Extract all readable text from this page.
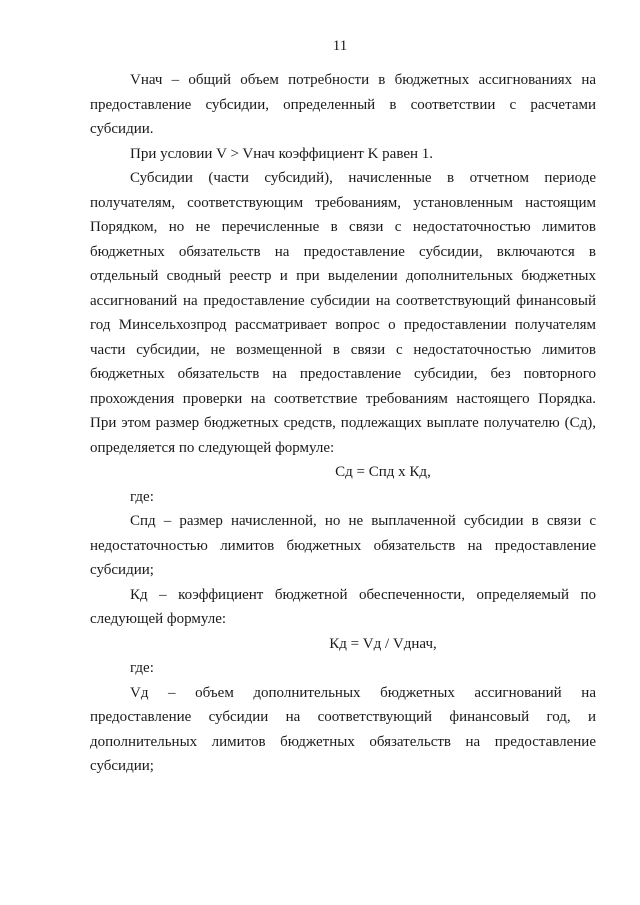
11

Vнач – общий объем потребности в бюджетных ассигнованиях на предоставление субсидии, определенный в соответствии с расчетами субсидии.

При условии V > Vнач коэффициент K равен 1.

Субсидии (части субсидий), начисленные в отчетном периоде получателям, соответствующим требованиям, установленным настоящим Порядком, но не перечисленные в связи с недостаточностью лимитов бюджетных обязательств на предоставление субсидии, включаются в отдельный сводный реестр и при выделении дополнительных бюджетных ассигнований на предоставление субсидии на соответствующий финансовый год Минсельхозпрод рассматривает вопрос о предоставлении получателям части субсидии, не возмещенной в связи с недостаточностью лимитов бюджетных обязательств на предоставление субсидии, без повторного прохождения проверки на соответствие требованиям настоящего Порядка. При этом размер бюджетных средств, подлежащих выплате получателю (Сд), определяется по следующей формуле:

Сд = Спд x Кд,

где:

Спд – размер начисленной, но не выплаченной субсидии в связи с недостаточностью лимитов бюджетных обязательств на предоставление субсидии;

Кд – коэффициент бюджетной обеспеченности, определяемый по следующей формуле:

Кд = Vд / Vднач,

где:

Vд – объем дополнительных бюджетных ассигнований на предоставление субсидии на соответствующий финансовый год, и дополнительных лимитов бюджетных обязательств на предоставление субсидии;
